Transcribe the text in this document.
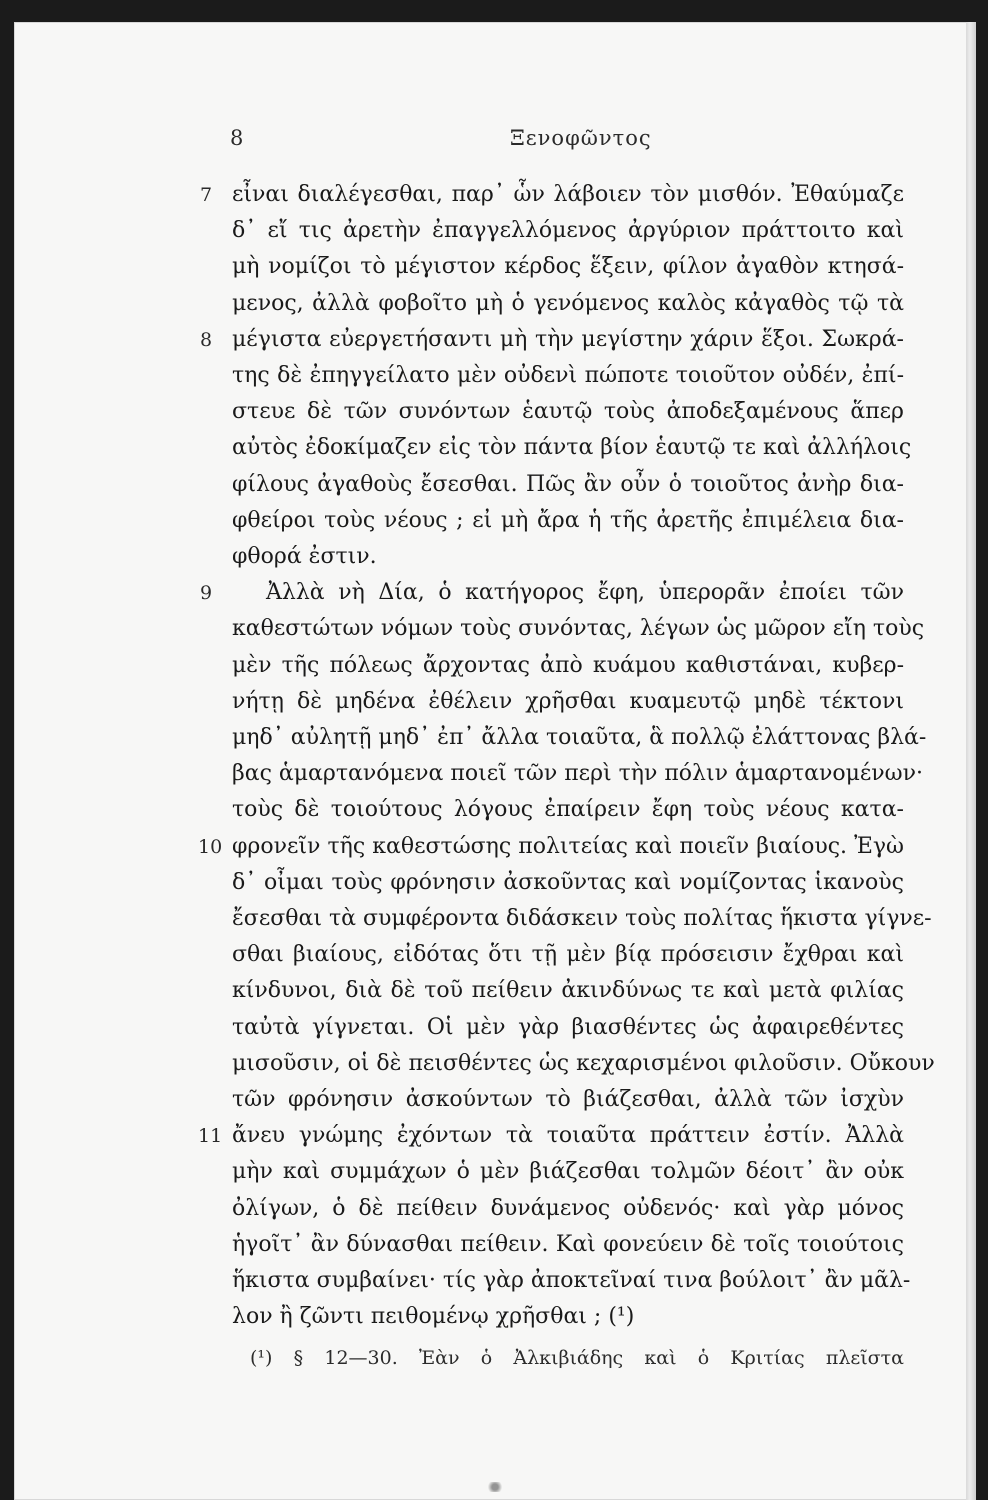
8	Ξενοφῶντος
7
8
9
10
11
εἶναι διαλέγεσθαι, παρ᾽ ὧν λάβοιεν τὸν μισθόν. Ἐθαύμαζε
δ᾽ εἴ τις ἀρετὴν ἐπαγγελλόμενος ἀργύριον πράττοιτο καὶ
μὴ νομίζοι τὸ μέγιστον κέρδος ἕξειν, φίλον ἀγαθὸν κτησά-
μενος, ἀλλὰ φοβοῖτο μὴ ὁ γενόμενος καλὸς κἀγαθὸς τῷ τὰ
μέγιστα εὐεργετήσαντι μὴ τὴν μεγίστην χάριν ἕξοι. Σωκρά-
της δὲ ἐπηγγείλατο μὲν οὐδενὶ πώποτε τοιοῦτον οὐδέν, ἐπί-
στευε δὲ τῶν συνόντων ἑαυτῷ τοὺς ἀποδεξαμένους ἅπερ
αὐτὸς ἐδοκίμαζεν εἰς τὸν πάντα βίον ἑαυτῷ τε καὶ ἀλλήλοις
φίλους ἀγαθοὺς ἔσεσθαι. Πῶς ἂν οὖν ὁ τοιοῦτος ἀνὴρ δια-
φθείροι τοὺς νέους ; εἰ μὴ ἄρα ἡ τῆς ἀρετῆς ἐπιμέλεια δια-
φθορά ἐστιν.
Ἀλλὰ νὴ Δία, ὁ κατήγορος ἔφη, ὑπερορᾶν ἐποίει τῶν
καθεστώτων νόμων τοὺς συνόντας, λέγων ὡς μῶρον εἴη τοὺς
μὲν τῆς πόλεως ἄρχοντας ἀπὸ κυάμου καθιστάναι, κυβερ-
νήτῃ δὲ μηδένα ἐθέλειν χρῆσθαι κυαμευτῷ μηδὲ τέκτονι
μηδ᾽ αὐλητῇ μηδ᾽ ἐπ᾽ ἄλλα τοιαῦτα, ἃ πολλῷ ἐλάττονας βλά-
βας ἁμαρτανόμενα ποιεῖ τῶν περὶ τὴν πόλιν ἁμαρτανομένων·
τοὺς δὲ τοιούτους λόγους ἐπαίρειν ἔφη τοὺς νέους κατα-
φρονεῖν τῆς καθεστώσης πολιτείας καὶ ποιεῖν βιαίους. Ἐγὼ
δ᾽ οἶμαι τοὺς φρόνησιν ἀσκοῦντας καὶ νομίζοντας ἱκανοὺς
ἔσεσθαι τὰ συμφέροντα διδάσκειν τοὺς πολίτας ἥκιστα γίγνε-
σθαι βιαίους, εἰδότας ὅτι τῇ μὲν βίᾳ πρόσεισιν ἔχθραι καὶ
κίνδυνοι, διὰ δὲ τοῦ πείθειν ἀκινδύνως τε καὶ μετὰ φιλίας
ταὐτὰ γίγνεται. Οἱ μὲν γὰρ βιασθέντες ὡς ἀφαιρεθέντες
μισοῦσιν, οἱ δὲ πεισθέντες ὡς κεχαρισμένοι φιλοῦσιν. Οὔκουν
τῶν φρόνησιν ἀσκούντων τὸ βιάζεσθαι, ἀλλὰ τῶν ἰσχὺν
ἄνευ γνώμης ἐχόντων τὰ τοιαῦτα πράττειν ἐστίν. Ἀλλὰ
μὴν καὶ συμμάχων ὁ μὲν βιάζεσθαι τολμῶν δέοιτ᾽ ἂν οὐκ
ὀλίγων, ὁ δὲ πείθειν δυνάμενος οὐδενός· καὶ γὰρ μόνος
ἡγοῖτ᾽ ἂν δύνασθαι πείθειν. Καὶ φονεύειν δὲ τοῖς τοιούτοις
ἥκιστα συμβαίνει· τίς γὰρ ἀποκτεῖναί τινα βούλοιτ᾽ ἂν μᾶλ-
λον ἢ ζῶντι πειθομένῳ χρῆσθαι ; (¹)
(¹) § 12—30. Ἐὰν ὁ Ἀλκιβιάδης καὶ ὁ Κριτίας πλεῖστα
